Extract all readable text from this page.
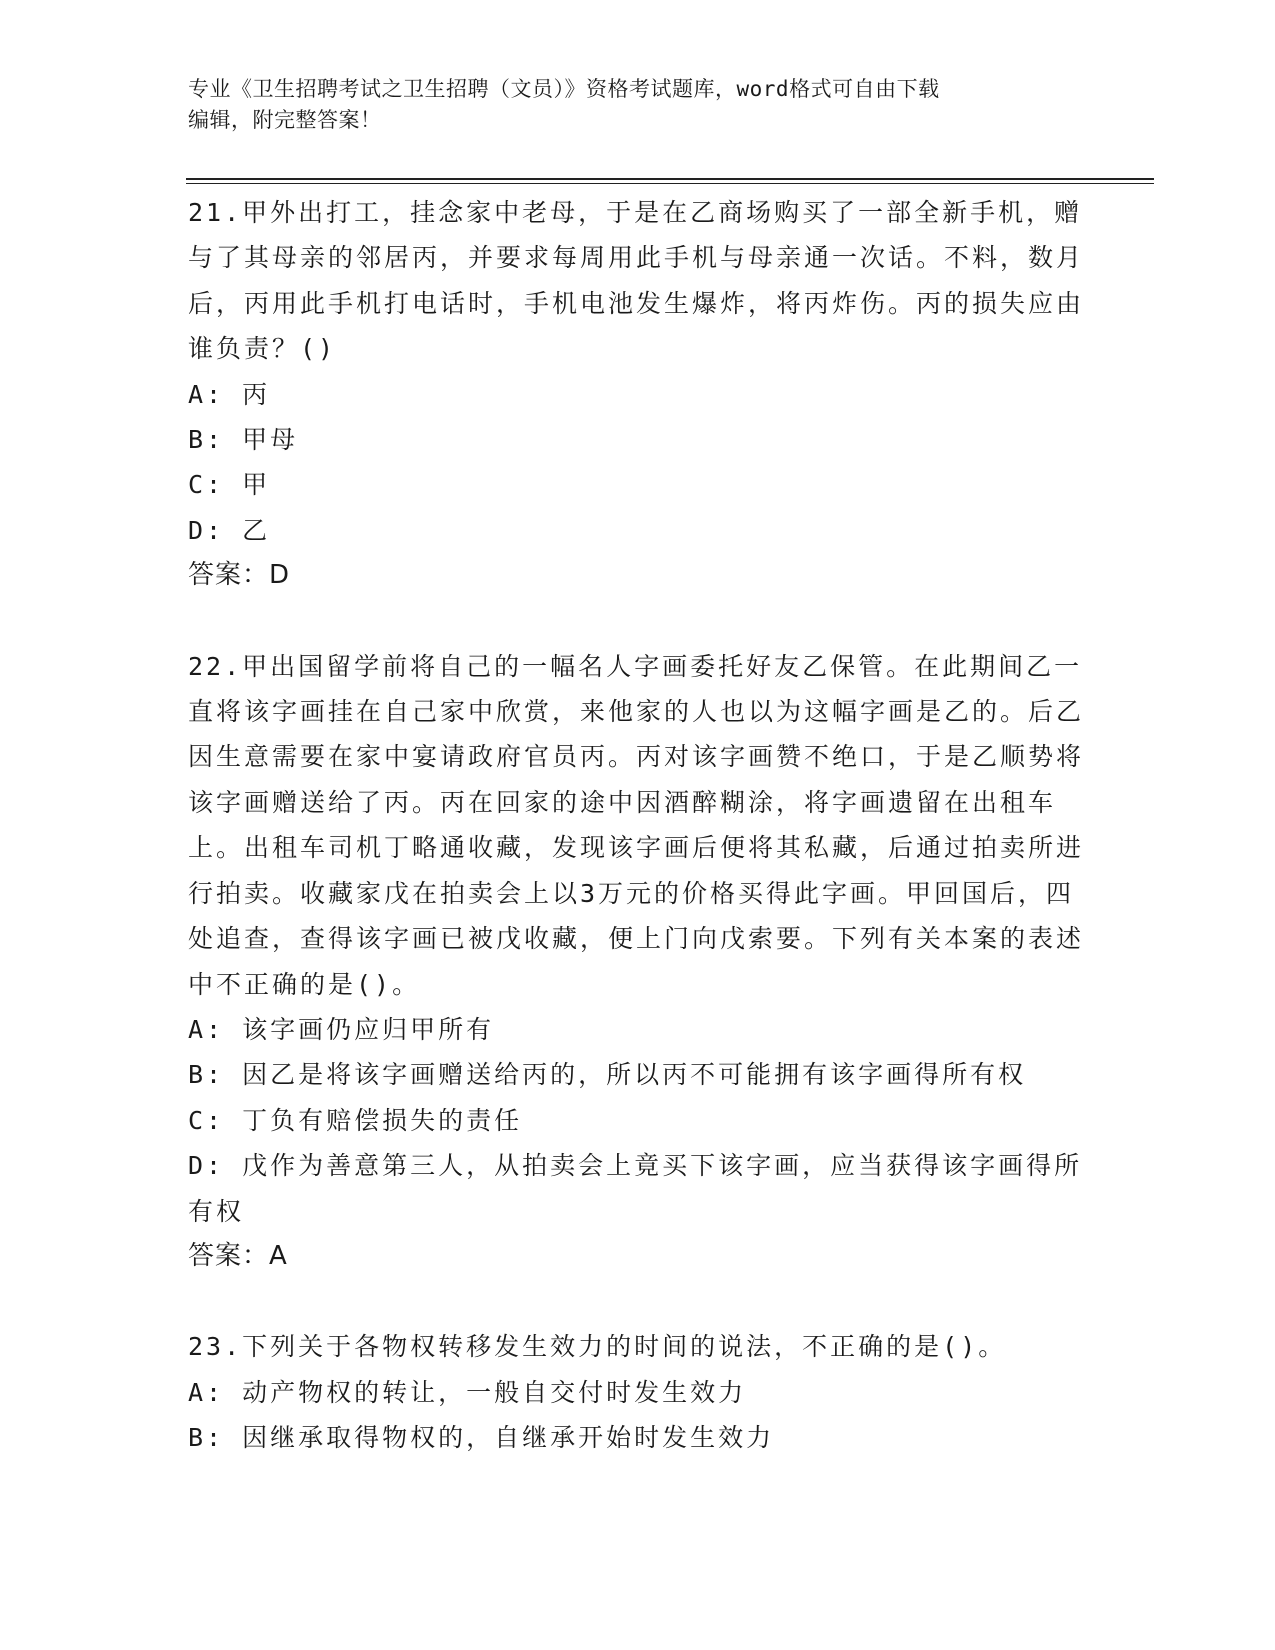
专业《卫生招聘考试之卫生招聘（文员）》资格考试题库，word格式可自由下载
编辑，附完整答案！

21.甲外出打工，挂念家中老母，于是在乙商场购买了一部全新手机，赠与了其母亲的邻居丙，并要求每周用此手机与母亲通一次话。不料，数月后，丙用此手机打电话时，手机电池发生爆炸，将丙炸伤。丙的损失应由谁负责？()

A: 丙

B: 甲母

C: 甲

D: 乙

答案：D

22.甲出国留学前将自己的一幅名人字画委托好友乙保管。在此期间乙一直将该字画挂在自己家中欣赏，来他家的人也以为这幅字画是乙的。后乙因生意需要在家中宴请政府官员丙。丙对该字画赞不绝口，于是乙顺势将该字画赠送给了丙。丙在回家的途中因酒醉糊涂，将字画遗留在出租车上。出租车司机丁略通收藏，发现该字画后便将其私藏，后通过拍卖所进行拍卖。收藏家戊在拍卖会上以3万元的价格买得此字画。甲回国后，四处追查，查得该字画已被戊收藏，便上门向戊索要。下列有关本案的表述中不正确的是()。

A: 该字画仍应归甲所有

B: 因乙是将该字画赠送给丙的，所以丙不可能拥有该字画得所有权

C: 丁负有赔偿损失的责任

D: 戊作为善意第三人，从拍卖会上竟买下该字画，应当获得该字画得所有权

答案：A

23.下列关于各物权转移发生效力的时间的说法，不正确的是()。

A: 动产物权的转让，一般自交付时发生效力

B: 因继承取得物权的，自继承开始时发生效力
